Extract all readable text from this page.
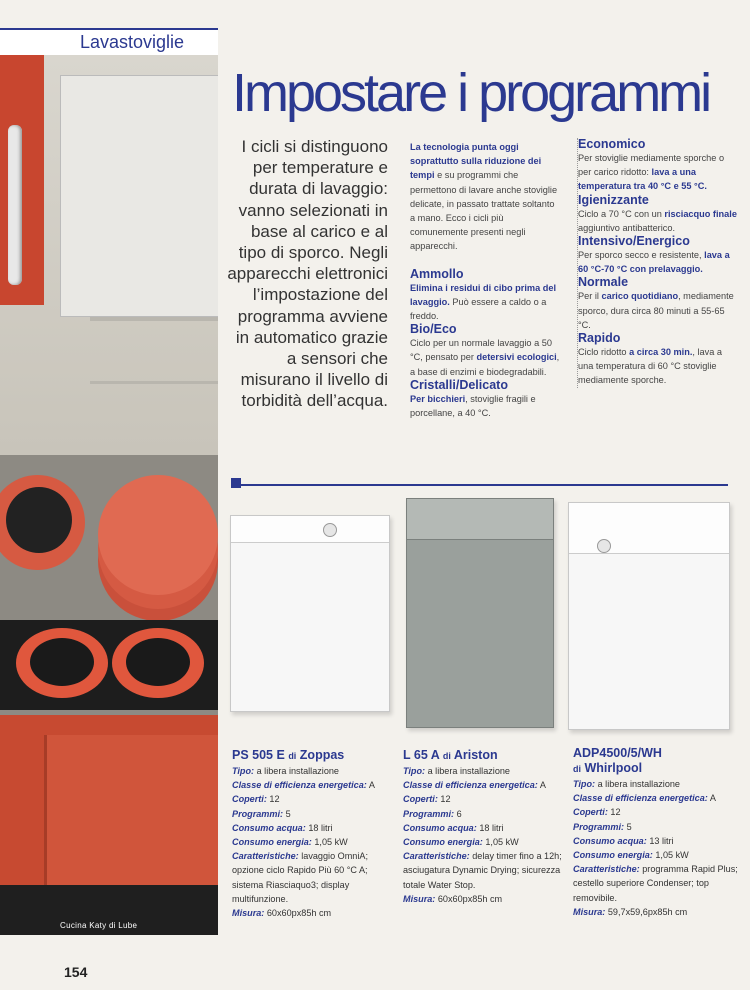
Lavastoviglie
Cucina Katy di Lube
Impostare i programmi
I cicli si distinguono per temperature e durata di lavaggio: vanno selezionati in base al carico e al tipo di sporco. Negli apparecchi elettronici l’impostazione del programma avviene in automatico grazie a sensori che misurano il livello di torbidità dell’acqua.
La tecnologia punta oggi soprattutto sulla riduzione dei tempi e su programmi che permettono di lavare anche stoviglie delicate, in passato trattate soltanto a mano. Ecco i cicli più comunemente presenti negli apparecchi.
Ammollo
Elimina i residui di cibo prima del lavaggio. Può essere a caldo o a freddo.
Bio/Eco
Ciclo per un normale lavaggio a 50 °C, pensato per detersivi ecologici, a base di enzimi e biodegradabili.
Cristalli/Delicato
Per bicchieri, stoviglie fragili e porcellane, a 40 °C.
Economico
Per stoviglie mediamente sporche o per carico ridotto: lava a una temperatura tra 40 °C e 55 °C.
Igienizzante
Ciclo a 70 °C con un risciacquo finale aggiuntivo antibatterico.
Intensivo/Energico
Per sporco secco e resistente, lava a 60 °C-70 °C con prelavaggio.
Normale
Per il carico quotidiano, mediamente sporco, dura circa 80 minuti a 55-65 °C.
Rapido
Ciclo ridotto a circa 30 min., lava a una temperatura di 60 °C stoviglie mediamente sporche.
PS 505 E di Zoppas
Tipo: a libera installazione
Classe di efficienza energetica: A
Coperti: 12
Programmi: 5
Consumo acqua: 18 litri
Consumo energia: 1,05 kW
Caratteristiche: lavaggio OmniA; opzione ciclo Rapido Più 60 °C A; sistema Riasciaquo3; display multifunzione.
Misura: 60x60px85h cm
L 65 A di Ariston
Tipo: a libera installazione
Classe di efficienza energetica: A
Coperti: 12
Programmi: 6
Consumo acqua: 18 litri
Consumo energia: 1,05 kW
Caratteristiche: delay timer fino a 12h; asciugatura Dynamic Drying; sicurezza totale Water Stop.
Misura: 60x60px85h cm
ADP4500/5/WH
di Whirlpool
Tipo: a libera installazione
Classe di efficienza energetica: A
Coperti: 12
Programmi: 5
Consumo acqua: 13 litri
Consumo energia: 1,05 kW
Caratteristiche: programma Rapid Plus; cestello superiore Condenser; top removibile.
Misura: 59,7x59,6px85h cm
154
